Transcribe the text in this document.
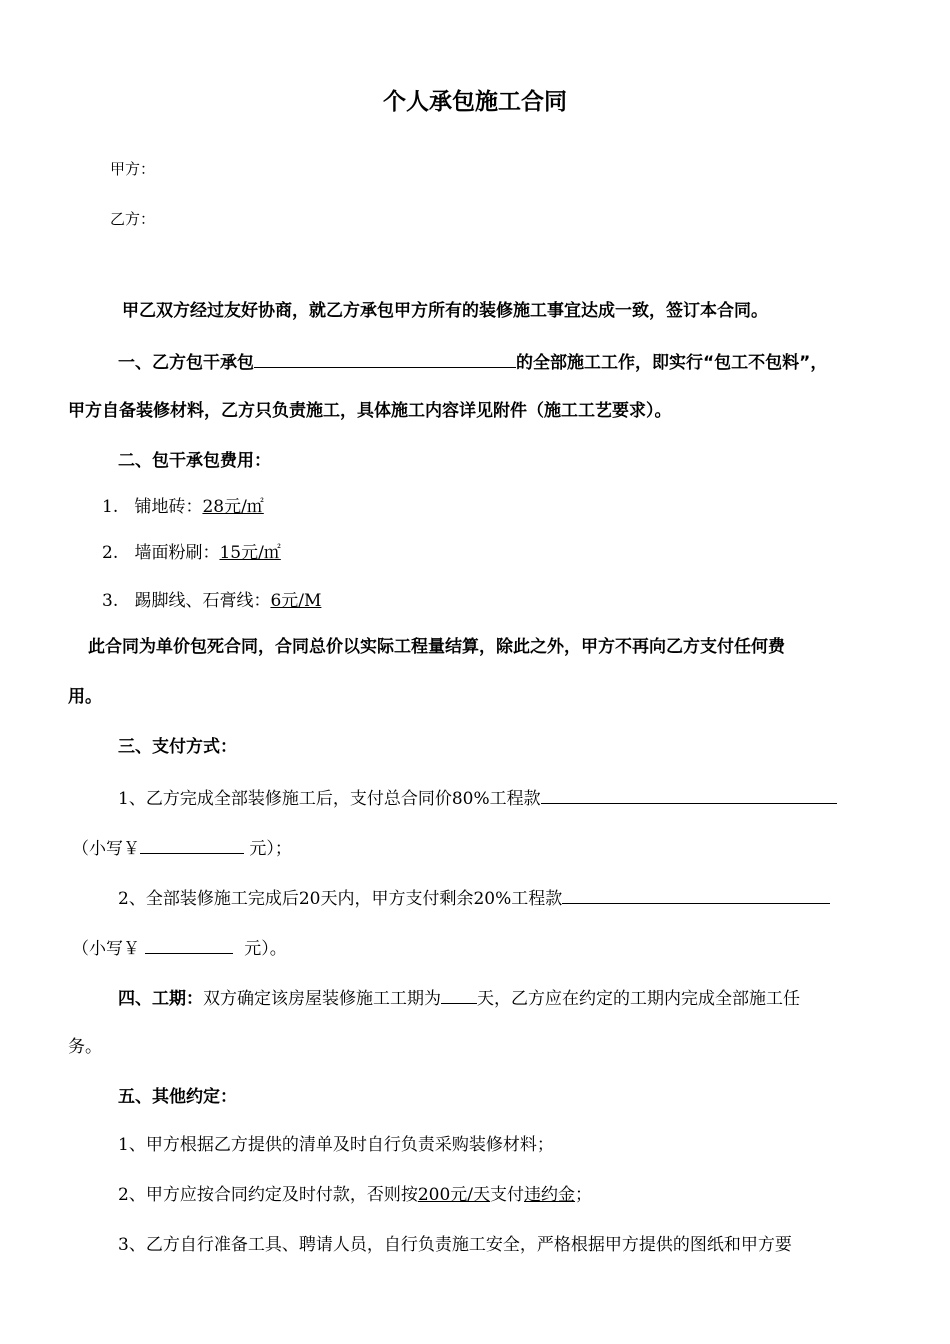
个人承包施工合同
甲方：
乙方：
甲乙双方经过友好协商，就乙方承包甲方所有的装修施工事宜达成一致，签订本合同。
一、乙方包干承包	的全部施工工作，即实行“包工不包料”，
甲方自备装修材料，乙方只负责施工，具体施工内容详见附件（施工工艺要求）。
二、包干承包费用：
1. 铺地砖：28元/㎡
2. 墙面粉刷：15元/㎡
3. 踢脚线、石膏线：6元/M
此合同为单价包死合同，合同总价以实际工程量结算，除此之外，甲方不再向乙方支付任何费
用。
三、支付方式：
1、乙方完成全部装修施工后，支付总合同价80%工程款
（小写￥	元）；
2、全部装修施工完成后20天内，甲方支付剩余20%工程款
（小写￥	元）。
四、工期：双方确定该房屋装修施工工期为 天，乙方应在约定的工期内完成全部施工任
务。
五、其他约定：
1、甲方根据乙方提供的清单及时自行负责采购装修材料；
2、甲方应按合同约定及时付款，否则按200元/天支付违约金；
3、乙方自行准备工具、聘请人员，自行负责施工安全，严格根据甲方提供的图纸和甲方要
